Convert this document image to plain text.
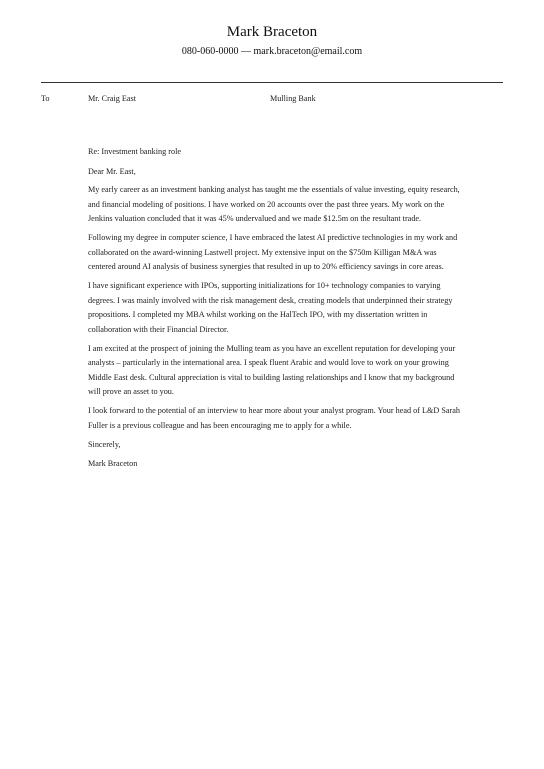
Mark Braceton
080-060-0000 — mark.braceton@email.com
To	Mr. Craig East	Mulling Bank

Re: Investment banking role

Dear Mr. East,

My early career as an investment banking analyst has taught me the essentials of value investing, equity research, and financial modeling of positions. I have worked on 20 accounts over the past three years. My work on the Jenkins valuation concluded that it was 45% undervalued and we made $12.5m on the resultant trade.

Following my degree in computer science, I have embraced the latest AI predictive technologies in my work and collaborated on the award-winning Lastwell project. My extensive input on the $750m Killigan M&A was centered around AI analysis of business synergies that resulted in up to 20% efficiency savings in core areas.

I have significant experience with IPOs, supporting initializations for 10+ technology companies to varying degrees. I was mainly involved with the risk management desk, creating models that underpinned their strategy propositions. I completed my MBA whilst working on the HalTech IPO, with my dissertation written in collaboration with their Financial Director.

I am excited at the prospect of joining the Mulling team as you have an excellent reputation for developing your analysts – particularly in the international area. I speak fluent Arabic and would love to work on your growing Middle East desk. Cultural appreciation is vital to building lasting relationships and I know that my background will prove an asset to you.

I look forward to the potential of an interview to hear more about your analyst program. Your head of L&D Sarah Fuller is a previous colleague and has been encouraging me to apply for a while.

Sincerely,

Mark Braceton
